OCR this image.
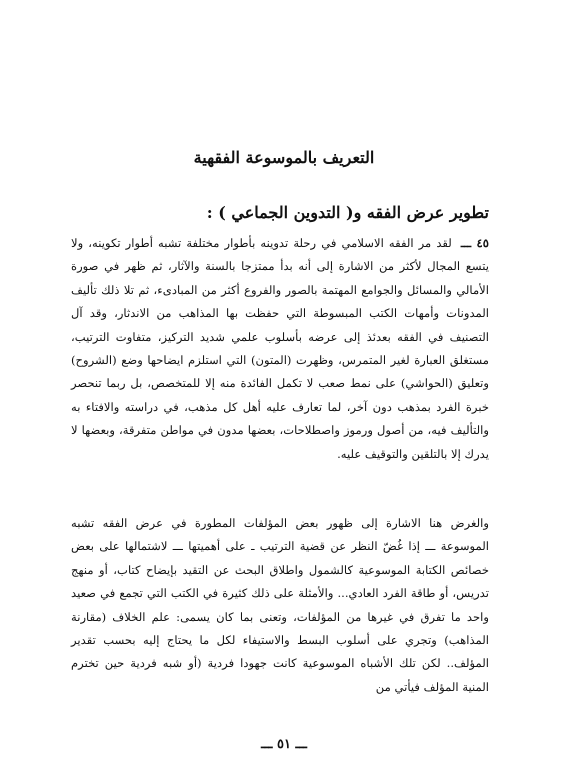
التعريف بالموسوعة الفقهية
تطوير عرض الفقه و( التدوين الجماعي ) :

٤٥ ـــ لقد مر الفقه الاسلامي في رحلة تدوينه بأطوار مختلفة تشبه أطوار تكوينه، ولا يتسع المجال لأكثر من الاشارة إلى أنه بدأ ممتزجا بالسنة والآثار، ثم ظهر في صورة الأمالي والمسائل والجوامع المهتمة بالصور والفروع أكثر من المبادىء، ثم تلا ذلك تأليف المدونات وأمهات الكتب المبسوطة التي حفظت بها المذاهب من الاندثار، وقد آل التصنيف في الفقه بعدئذ إلى عرضه بأسلوب علمي شديد التركيز، متفاوت الترتيب، مستغلق العبارة لغير المتمرس، وظهرت (المتون) التي استلزم ايضاحها وضع (الشروح) وتعليق (الحواشي) على نمط صعب لا تكمل الفائدة منه إلا للمتخصص، بل ربما تنحصر خبرة الفرد بمذهب دون آخر، لما تعارف عليه أهل كل مذهب، في دراسته والافتاء به والتأليف فيه، من أصول ورموز واصطلاحات، بعضها مدون في مواطن متفرقة، وبعضها لا يدرك إلا بالتلقين والتوقيف عليه.

والغرض هنا الاشارة إلى ظهور بعض المؤلفات المطورة في عرض الفقه تشبه الموسوعة ـــ إذا غُضّ النظر عن قضية الترتيب ـ على أهميتها ـــ لاشتمالها على بعض خصائص الكتابة الموسوعية كالشمول واطلاق البحث عن التقيد بإيضاح كتاب، أو منهج تدريس، أو طاقة الفرد العادي... والأمثلة على ذلك كثيرة في الكتب التي تجمع في صعيد واحد ما تفرق في غيرها من المؤلفات، وتعنى بما كان يسمى: علم الخلاف (مقارنة المذاهب) وتجري على أسلوب البسط والاستيفاء لكل ما يحتاج إليه بحسب تقدير المؤلف.. لكن تلك الأشباه الموسوعية كانت جهودا فردية (أو شبه فردية حين تخترم المنية المؤلف فيأتي من

ـــ ٥١ ـــ
